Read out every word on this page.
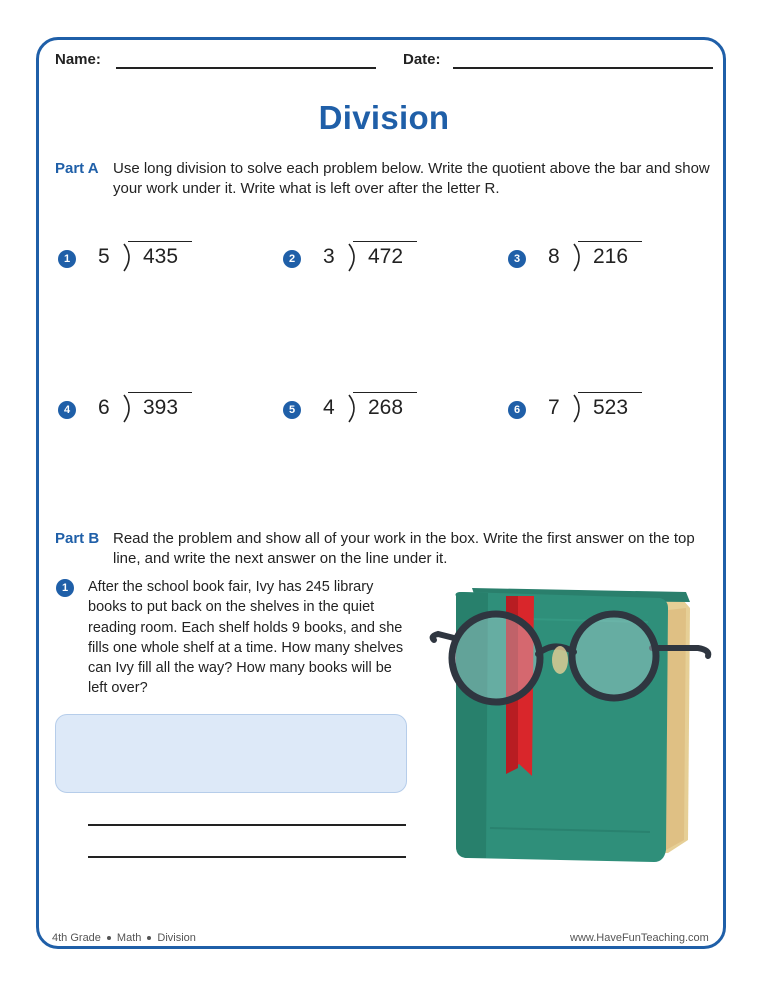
Name:	Date:
Division
Part A Use long division to solve each problem below. Write the quotient above the bar and show your work under it. Write what is left over after the letter R.
1 5 435	2 3 472	3 8 216
4 6 393	5 4 268	6 7 523
Part B Read the problem and show all of your work in the box. Write the first answer on the top line, and write the next answer on the line under it.
1	After the school book fair, Ivy has 245 library books to put back on the shelves in the quiet reading room. Each shelf holds 9 books, and she fills one whole shelf at a time. How many shelves can Ivy fill all the way? How many books will be left over?
4th Grade Math Division	www.HaveFunTeaching.com
